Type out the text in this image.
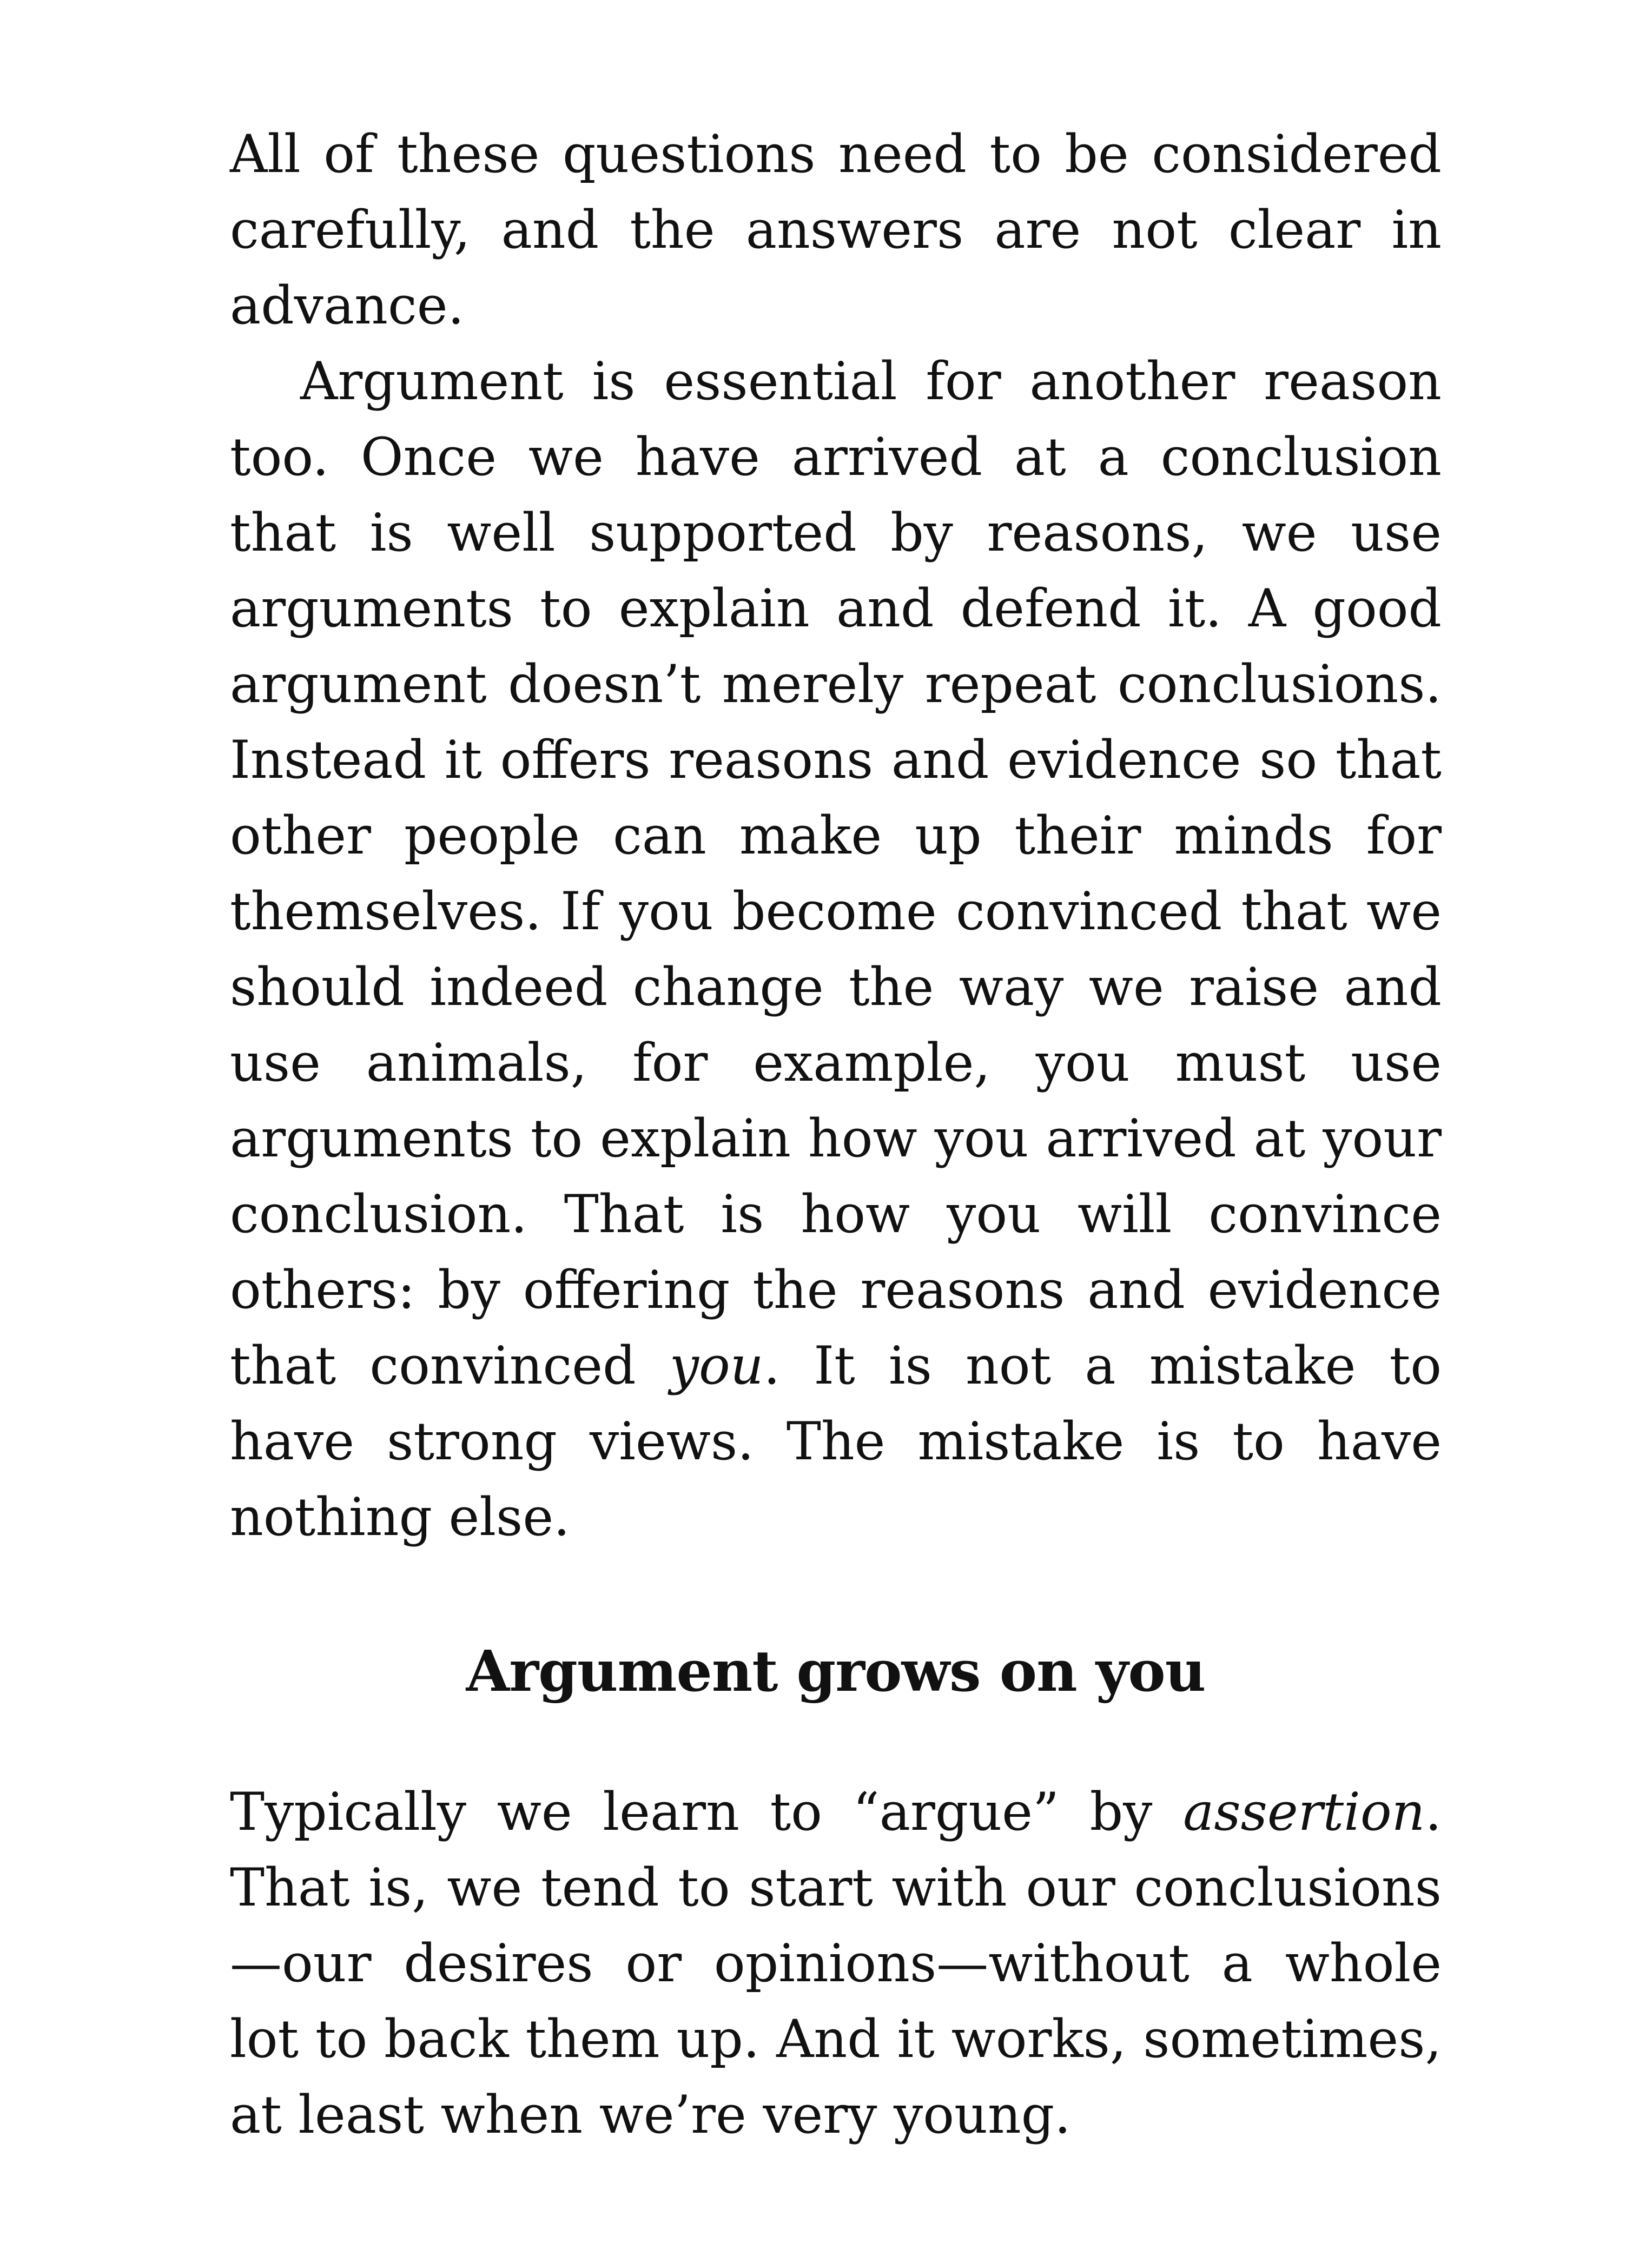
All of these questions need to be considered carefully, and the answers are not clear in advance.

Argument is essential for another reason too. Once we have arrived at a conclusion that is well supported by reasons, we use arguments to explain and defend it. A good argument doesn’t merely repeat conclusions. Instead it offers reasons and evidence so that other people can make up their minds for themselves. If you become convinced that we should indeed change the way we raise and use animals, for example, you must use arguments to explain how you arrived at your conclusion. That is how you will convince others: by offering the reasons and evidence that convinced you. It is not a mistake to have strong views. The mistake is to have nothing else.

Argument grows on you

Typically we learn to “argue” by assertion. That is, we tend to start with our conclusions—our desires or opinions—without a whole lot to back them up. And it works, sometimes, at least when we’re very young.
